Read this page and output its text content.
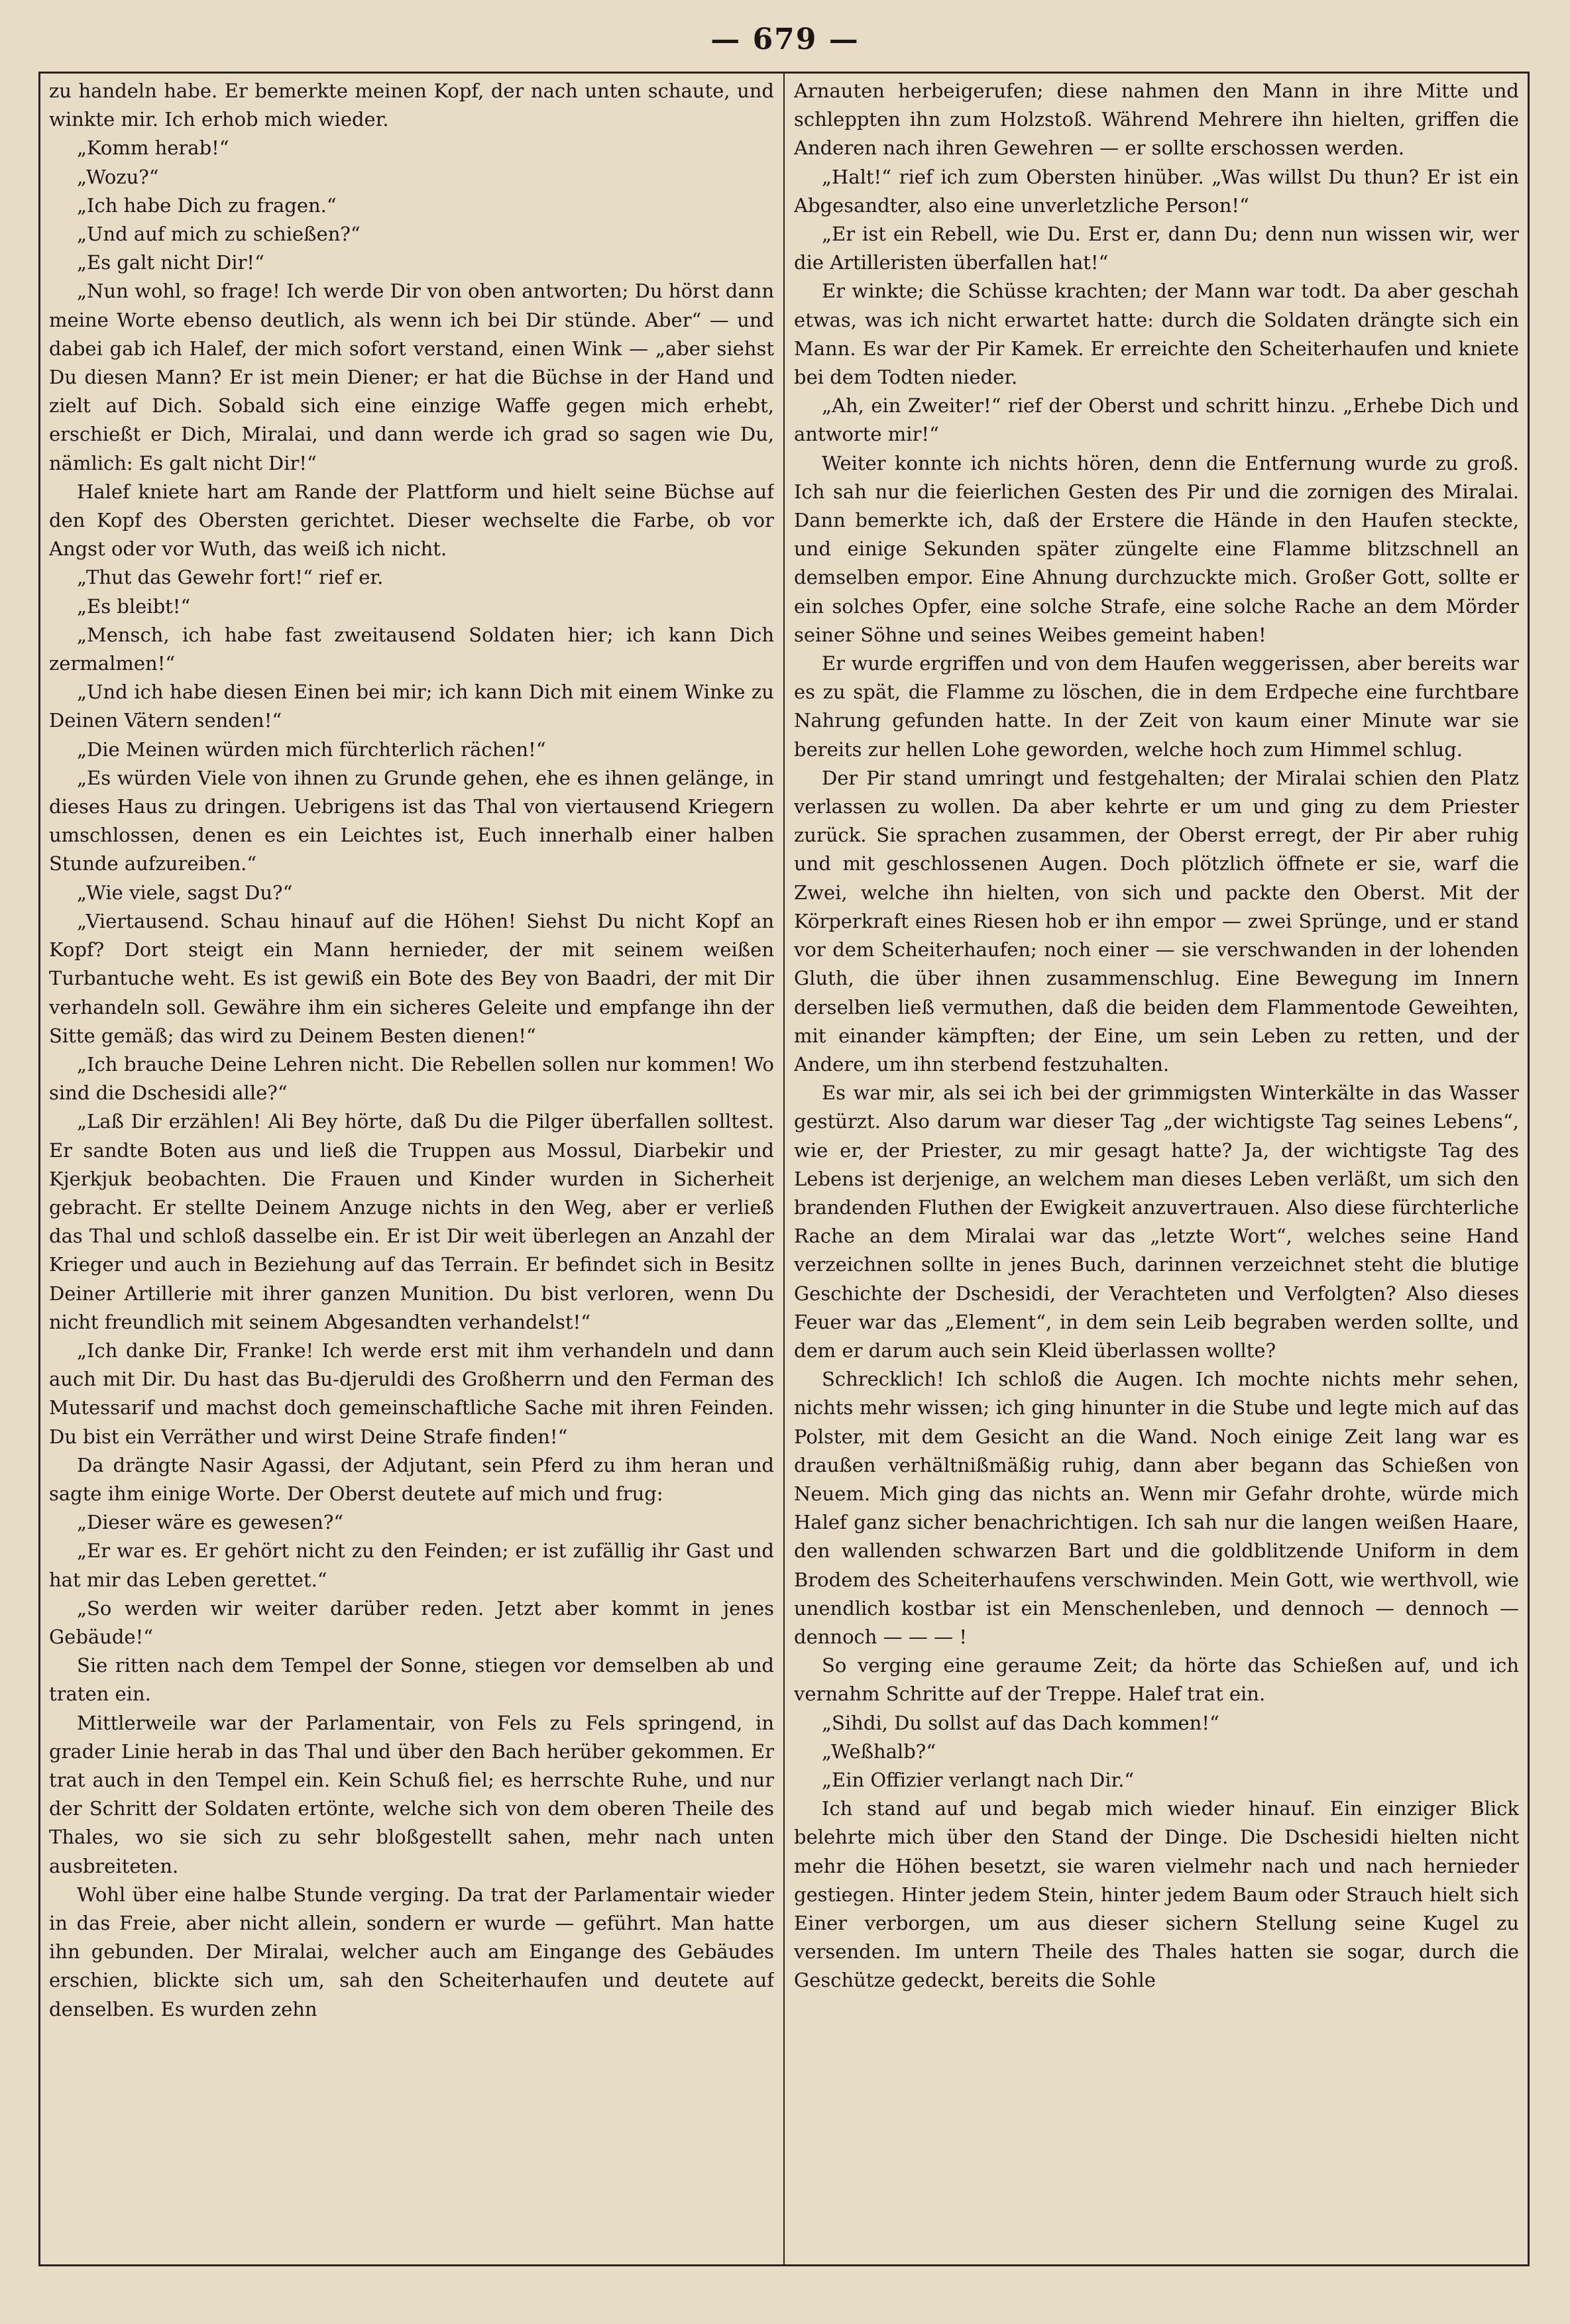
— 679 —

zu handeln habe. Er bemerkte meinen Kopf, der nach unten schaute, und winkte mir. Ich erhob mich wieder.

„Komm herab!“

„Wozu?“

„Ich habe Dich zu fragen.“

„Und auf mich zu schießen?“

„Es galt nicht Dir!“

„Nun wohl, so frage! Ich werde Dir von oben antworten; Du hörst dann meine Worte ebenso deutlich, als wenn ich bei Dir stünde. Aber“ — und dabei gab ich Halef, der mich sofort verstand, einen Wink — „aber siehst Du diesen Mann? Er ist mein Diener; er hat die Büchse in der Hand und zielt auf Dich. Sobald sich eine einzige Waffe gegen mich erhebt, erschießt er Dich, Miralai, und dann werde ich grad so sagen wie Du, nämlich: Es galt nicht Dir!“

Halef kniete hart am Rande der Plattform und hielt seine Büchse auf den Kopf des Obersten gerichtet. Dieser wechselte die Farbe, ob vor Angst oder vor Wuth, das weiß ich nicht.

„Thut das Gewehr fort!“ rief er.

„Es bleibt!“

„Mensch, ich habe fast zweitausend Soldaten hier; ich kann Dich zermalmen!“

„Und ich habe diesen Einen bei mir; ich kann Dich mit einem Winke zu Deinen Vätern senden!“

„Die Meinen würden mich fürchterlich rächen!“

„Es würden Viele von ihnen zu Grunde gehen, ehe es ihnen gelänge, in dieses Haus zu dringen. Uebrigens ist das Thal von viertausend Kriegern umschlossen, denen es ein Leichtes ist, Euch innerhalb einer halben Stunde aufzureiben.“

„Wie viele, sagst Du?“

„Viertausend. Schau hinauf auf die Höhen! Siehst Du nicht Kopf an Kopf? Dort steigt ein Mann hernieder, der mit seinem weißen Turbantuche weht. Es ist gewiß ein Bote des Bey von Baadri, der mit Dir verhandeln soll. Gewähre ihm ein sicheres Geleite und empfange ihn der Sitte gemäß; das wird zu Deinem Besten dienen!“

„Ich brauche Deine Lehren nicht. Die Rebellen sollen nur kommen! Wo sind die Dschesidi alle?“

„Laß Dir erzählen! Ali Bey hörte, daß Du die Pilger überfallen solltest. Er sandte Boten aus und ließ die Truppen aus Mossul, Diarbekir und Kjerkjuk beobachten. Die Frauen und Kinder wurden in Sicherheit gebracht. Er stellte Deinem Anzuge nichts in den Weg, aber er verließ das Thal und schloß dasselbe ein. Er ist Dir weit überlegen an Anzahl der Krieger und auch in Beziehung auf das Terrain. Er befindet sich in Besitz Deiner Artillerie mit ihrer ganzen Munition. Du bist verloren, wenn Du nicht freundlich mit seinem Abgesandten verhandelst!“

„Ich danke Dir, Franke! Ich werde erst mit ihm verhandeln und dann auch mit Dir. Du hast das Bu-djeruldi des Großherrn und den Ferman des Mutessarif und machst doch gemeinschaftliche Sache mit ihren Feinden. Du bist ein Verräther und wirst Deine Strafe finden!“

Da drängte Nasir Agassi, der Adjutant, sein Pferd zu ihm heran und sagte ihm einige Worte. Der Oberst deutete auf mich und frug:

„Dieser wäre es gewesen?“

„Er war es. Er gehört nicht zu den Feinden; er ist zufällig ihr Gast und hat mir das Leben gerettet.“

„So werden wir weiter darüber reden. Jetzt aber kommt in jenes Gebäude!“

Sie ritten nach dem Tempel der Sonne, stiegen vor demselben ab und traten ein.

Mittlerweile war der Parlamentair, von Fels zu Fels springend, in grader Linie herab in das Thal und über den Bach herüber gekommen. Er trat auch in den Tempel ein. Kein Schuß fiel; es herrschte Ruhe, und nur der Schritt der Soldaten ertönte, welche sich von dem oberen Theile des Thales, wo sie sich zu sehr bloßgestellt sahen, mehr nach unten ausbreiteten.

Wohl über eine halbe Stunde verging. Da trat der Parlamentair wieder in das Freie, aber nicht allein, sondern er wurde — geführt. Man hatte ihn gebunden. Der Miralai, welcher auch am Eingange des Gebäudes erschien, blickte sich um, sah den Scheiterhaufen und deutete auf denselben. Es wurden zehn

Arnauten herbeigerufen; diese nahmen den Mann in ihre Mitte und schleppten ihn zum Holzstoß. Während Mehrere ihn hielten, griffen die Anderen nach ihren Gewehren — er sollte erschossen werden.

„Halt!“ rief ich zum Obersten hinüber. „Was willst Du thun? Er ist ein Abgesandter, also eine unverletzliche Person!“

„Er ist ein Rebell, wie Du. Erst er, dann Du; denn nun wissen wir, wer die Artilleristen überfallen hat!“

Er winkte; die Schüsse krachten; der Mann war todt. Da aber geschah etwas, was ich nicht erwartet hatte: durch die Soldaten drängte sich ein Mann. Es war der Pir Kamek. Er erreichte den Scheiterhaufen und kniete bei dem Todten nieder.

„Ah, ein Zweiter!“ rief der Oberst und schritt hinzu. „Erhebe Dich und antworte mir!“

Weiter konnte ich nichts hören, denn die Entfernung wurde zu groß. Ich sah nur die feierlichen Gesten des Pir und die zornigen des Miralai. Dann bemerkte ich, daß der Erstere die Hände in den Haufen steckte, und einige Sekunden später züngelte eine Flamme blitzschnell an demselben empor. Eine Ahnung durchzuckte mich. Großer Gott, sollte er ein solches Opfer, eine solche Strafe, eine solche Rache an dem Mörder seiner Söhne und seines Weibes gemeint haben!

Er wurde ergriffen und von dem Haufen weggerissen, aber bereits war es zu spät, die Flamme zu löschen, die in dem Erdpeche eine furchtbare Nahrung gefunden hatte. In der Zeit von kaum einer Minute war sie bereits zur hellen Lohe geworden, welche hoch zum Himmel schlug.

Der Pir stand umringt und festgehalten; der Miralai schien den Platz verlassen zu wollen. Da aber kehrte er um und ging zu dem Priester zurück. Sie sprachen zusammen, der Oberst erregt, der Pir aber ruhig und mit geschlossenen Augen. Doch plötzlich öffnete er sie, warf die Zwei, welche ihn hielten, von sich und packte den Oberst. Mit der Körperkraft eines Riesen hob er ihn empor — zwei Sprünge, und er stand vor dem Scheiterhaufen; noch einer — sie verschwanden in der lohenden Gluth, die über ihnen zusammenschlug. Eine Bewegung im Innern derselben ließ vermuthen, daß die beiden dem Flammentode Geweihten, mit einander kämpften; der Eine, um sein Leben zu retten, und der Andere, um ihn sterbend festzuhalten.

Es war mir, als sei ich bei der grimmigsten Winterkälte in das Wasser gestürzt. Also darum war dieser Tag „der wichtigste Tag seines Lebens“, wie er, der Priester, zu mir gesagt hatte? Ja, der wichtigste Tag des Lebens ist derjenige, an welchem man dieses Leben verläßt, um sich den brandenden Fluthen der Ewigkeit anzuvertrauen. Also diese fürchterliche Rache an dem Miralai war das „letzte Wort“, welches seine Hand verzeichnen sollte in jenes Buch, darinnen verzeichnet steht die blutige Geschichte der Dschesidi, der Verachteten und Verfolgten? Also dieses Feuer war das „Element“, in dem sein Leib begraben werden sollte, und dem er darum auch sein Kleid überlassen wollte?

Schrecklich! Ich schloß die Augen. Ich mochte nichts mehr sehen, nichts mehr wissen; ich ging hinunter in die Stube und legte mich auf das Polster, mit dem Gesicht an die Wand. Noch einige Zeit lang war es draußen verhältnißmäßig ruhig, dann aber begann das Schießen von Neuem. Mich ging das nichts an. Wenn mir Gefahr drohte, würde mich Halef ganz sicher benachrichtigen. Ich sah nur die langen weißen Haare, den wallenden schwarzen Bart und die goldblitzende Uniform in dem Brodem des Scheiterhaufens verschwinden. Mein Gott, wie werthvoll, wie unendlich kostbar ist ein Menschenleben, und dennoch — dennoch — dennoch — — — !

So verging eine geraume Zeit; da hörte das Schießen auf, und ich vernahm Schritte auf der Treppe. Halef trat ein.

„Sihdi, Du sollst auf das Dach kommen!“

„Weßhalb?“

„Ein Offizier verlangt nach Dir.“

Ich stand auf und begab mich wieder hinauf. Ein einziger Blick belehrte mich über den Stand der Dinge. Die Dschesidi hielten nicht mehr die Höhen besetzt, sie waren vielmehr nach und nach hernieder gestiegen. Hinter jedem Stein, hinter jedem Baum oder Strauch hielt sich Einer verborgen, um aus dieser sichern Stellung seine Kugel zu versenden. Im untern Theile des Thales hatten sie sogar, durch die Geschütze gedeckt, bereits die Sohle
